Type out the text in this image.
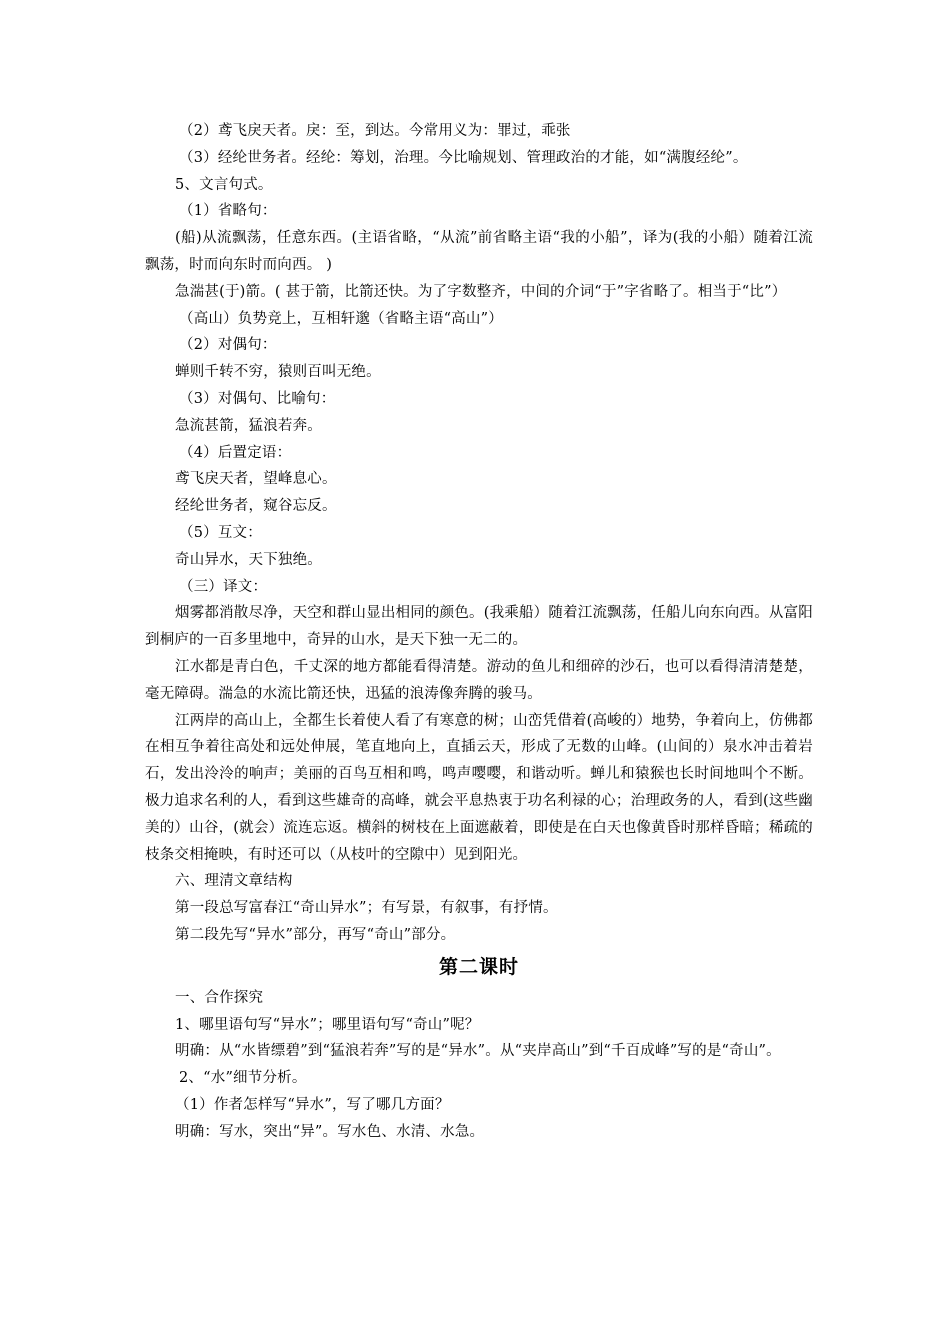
（2）鸢飞戾天者。戾：至，到达。今常用义为：罪过，乖张

（3）经纶世务者。经纶：筹划，治理。今比喻规划、管理政治的才能，如“满腹经纶”。

5、文言句式。

（1）省略句：

(船)从流飘荡，任意东西。(主语省略，“从流”前省略主语“我的小船”，译为(我的小船）随着江流飘荡，时而向东时而向西。 )

急湍甚(于)箭。( 甚于箭，比箭还快。为了字数整齐，中间的介词“于”字省略了。相当于“比”）

（高山）负势竞上，互相轩邈（省略主语“高山”）

（2）对偶句：

蝉则千转不穷，猿则百叫无绝。

（3）对偶句、比喻句：

急流甚箭，猛浪若奔。

（4）后置定语：

鸢飞戾天者，望峰息心。

经纶世务者，窥谷忘反。

（5）互文：

奇山异水，天下独绝。

（三）译文：

烟雾都消散尽净，天空和群山显出相同的颜色。(我乘船）随着江流飘荡，任船儿向东向西。从富阳到桐庐的一百多里地中，奇异的山水，是天下独一无二的。

江水都是青白色，千丈深的地方都能看得清楚。游动的鱼儿和细碎的沙石，也可以看得清清楚楚，毫无障碍。湍急的水流比箭还快，迅猛的浪涛像奔腾的骏马。

江两岸的高山上，全都生长着使人看了有寒意的树；山峦凭借着(高峻的）地势，争着向上，仿佛都在相互争着往高处和远处伸展，笔直地向上，直插云天，形成了无数的山峰。(山间的）泉水冲击着岩石，发出泠泠的响声；美丽的百鸟互相和鸣，鸣声嘤嘤，和谐动听。蝉儿和猿猴也长时间地叫个不断。极力追求名利的人，看到这些雄奇的高峰，就会平息热衷于功名利禄的心；治理政务的人，看到(这些幽美的）山谷，(就会）流连忘返。横斜的树枝在上面遮蔽着，即使是在白天也像黄昏时那样昏暗；稀疏的枝条交相掩映，有时还可以（从枝叶的空隙中）见到阳光。

六、理清文章结构

第一段总写富春江“奇山异水”；有写景，有叙事，有抒情。

第二段先写“异水”部分，再写“奇山”部分。

第二课时

一、合作探究

1、哪里语句写“异水”；哪里语句写“奇山”呢？

明确：从“水皆缥碧”到“猛浪若奔”写的是“异水”。从“夹岸高山”到“千百成峰”写的是“奇山”。

2、“水”细节分析。

（1）作者怎样写“异水”，写了哪几方面？

明确：写水，突出“异”。写水色、水清、水急。
